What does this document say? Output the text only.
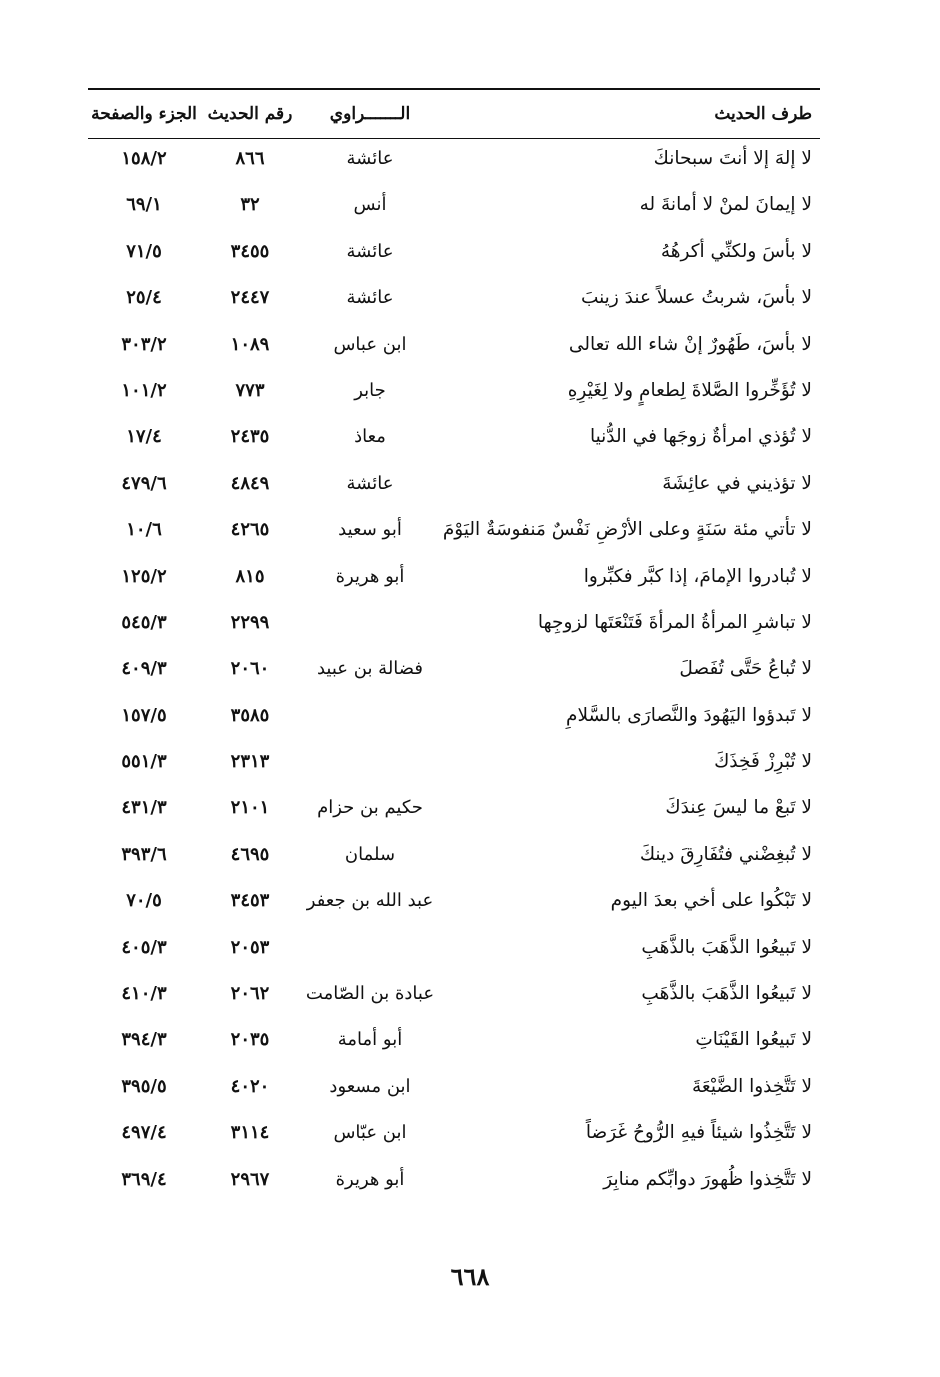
طرف الحديث
الـــــــراوي
رقم الحديث
الجزء والصفحة
لا إلهَ إلا أنتَ سبحانكَ
عائشة
٨٦٦
١٥٨/٢
لا إيمانَ لمنْ لا أمانةَ له
أنس
٣٢
٦٩/١
لا بأسَ ولكنِّي أكرهُهُ
عائشة
٣٤٥٥
٧١/٥
لا بأسَ، شربتُ عسلاً عندَ زينبَ
عائشة
٢٤٤٧
٢٥/٤
لا بأسَ، طَهُورٌ إنْ شاء الله تعالى
ابن عباس
١٠٨٩
٣٠٣/٢
لا تُؤَخِّروا الصَّلاةَ لِطعامٍ ولا لِغَيْرِهِ
جابر
٧٧٣
١٠١/٢
لا تُؤذي امرأةٌ زوجَها في الدُّنيا
معاذ
٢٤٣٥
١٧/٤
لا تؤذيني في عائِشَةَ
عائشة
٤٨٤٩
٤٧٩/٦
لا تأتي مئة سَنَةٍ وعلى الأرْضِ نَفْسٌ مَنفوسَةٌ اليَوْمَ
أبو سعيد
٤٢٦٥
١٠/٦
لا تُبادروا الإمامَ، إذا كبَّر فكبِّروا
أبو هريرة
٨١٥
١٢٥/٢
لا تباشرِ المرأةُ المرأةَ فَتَنْعَتَها لزوجِها
٢٢٩٩
٥٤٥/٣
لا تُباعُ حَتَّى تُفَصلَ
فضالة بن عبيد
٢٠٦٠
٤٠٩/٣
لا تَبدؤوا اليَهُودَ والنَّصارَى بالسَّلامِ
٣٥٨٥
١٥٧/٥
لا تُبْرِزْ فَخِذَكَ
٢٣١٣
٥٥١/٣
لا تَبعْ ما ليسَ عِندَكَ
حكيم بن حزام
٢١٠١
٤٣١/٣
لا تُبغِضْني فتُفَارِقَ دينكَ
سلمان
٤٦٩٥
٣٩٣/٦
لا تَبْكُوا على أخي بعدَ اليوم
عبد الله بن جعفر
٣٤٥٣
٧٠/٥
لا تَبيعُوا الذَّهَبَ بالذَّهَبِ
٢٠٥٣
٤٠٥/٣
لا تَبيعُوا الذَّهَبَ بالذَّهَبِ
عبادة بن الصّامت
٢٠٦٢
٤١٠/٣
لا تَبيعُوا القَيْنَاتِ
أبو أمامة
٢٠٣٥
٣٩٤/٣
لا تَتَّخِذوا الضَّيْعَةَ
ابن مسعود
٤٠٢٠
٣٩٥/٥
لا تَتَّخِذُوا شيئاً فيهِ الرُّوحُ غَرَضاً
ابن عبّاس
٣١١٤
٤٩٧/٤
لا تَتَّخِذوا ظُهورَ دوابِّكم منابِرَ
أبو هريرة
٢٩٦٧
٣٦٩/٤
٦٦٨
